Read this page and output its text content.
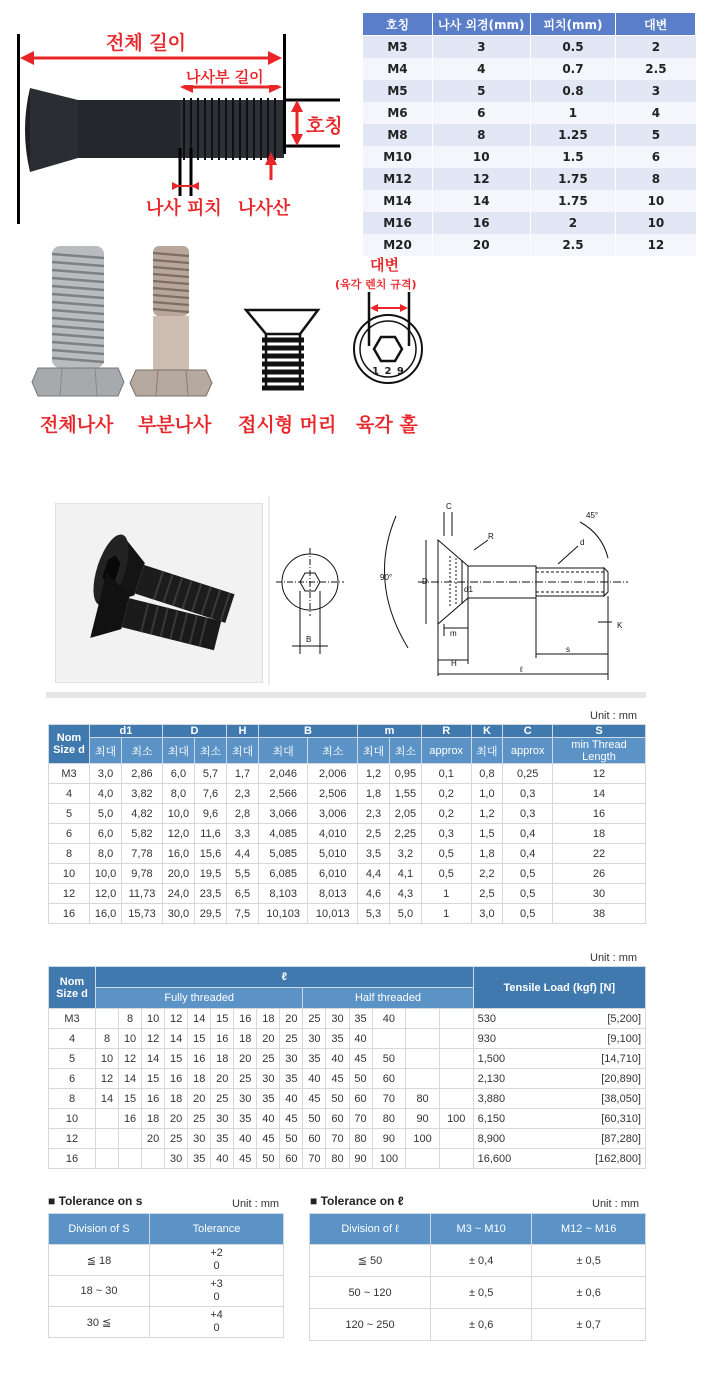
전체 길이
나사부 길이
호칭
나사 피치 나사산
호칭	나사 외경(mm)	피치(mm)	대변
M3	3	0.5	2
M4	4	0.7	2.5
M5	5	0.8	3
M6	6	1	4
M8	8	1.25	5
M10	10	1.5	6
M12	12	1.75	8
M14	14	1.75	10
M16	16	2	10
M20	20	2.5	12
1 2 9
대변
(육각 렌치 규격)
전체나사 부분나사 접시형 머리 육각 홀
B
C
R
d
45°
D
d1
m
H
K
s
ℓ
90°
Unit : mm
Nom Size d	d1		D		H	B		m		R	K	C	S
	최대	최소	최대	최소	최대	최대	최소	최대	최소	approx	최대	approx	min Thread Length
M3	3,0	2,86	6,0	5,7	1,7	2,046	2,006	1,2	0,95	0,1	0,8	0,25	12
4	4,0	3,82	8,0	7,6	2,3	2,566	2,506	1,8	1,55	0,2	1,0	0,3	14
5	5,0	4,82	10,0	9,6	2,8	3,066	3,006	2,3	2,05	0,2	1,2	0,3	16
6	6,0	5,82	12,0	11,6	3,3	4,085	4,010	2,5	2,25	0,3	1,5	0,4	18
8	8,0	7,78	16,0	15,6	4,4	5,085	5,010	3,5	3,2	0,5	1,8	0,4	22
10	10,0	9,78	20,0	19,5	5,5	6,085	6,010	4,4	4,1	0,5	2,2	0,5	26
12	12,0	11,73	24,0	23,5	6,5	8,103	8,013	4,6	4,3	1	2,5	0,5	30
16	16,0	15,73	30,0	29,5	7,5	10,103	10,013	5,3	5,0	1	3,0	0,5	38
Unit : mm
Nom Size d	ℓ															Tensile Load (kgf) [N]	
	Fully threaded									Half threaded							
M3		8	10	12	14	15	16	18	20	25	30	35	40			530	[5,200]
4	8	10	12	14	15	16	18	20	25	30	35	40				930	[9,100]
5	10	12	14	15	16	18	20	25	30	35	40	45	50			1,500	[14,710]
6	12	14	15	16	18	20	25	30	35	40	45	50	60			2,130	[20,890]
8	14	15	16	18	20	25	30	35	40	45	50	60	70	80		3,880	[38,050]
10		16	18	20	25	30	35	40	45	50	60	70	80	90	100	6,150	[60,310]
12			20	25	30	35	40	45	50	60	70	80	90	100		8,900	[87,280]
16				30	35	40	45	50	60	70	80	90	100			16,600	[162,800]
■ Tolerance on s	Unit : mm
Division of S	Tolerance
≦ 18	+2
0

18 ~ 30	+3
0

30 ≦	+4
0
■ Tolerance on ℓ	Unit : mm
Division of ℓ	M3 ~ M10	M12 ~ M16
≦ 50	± 0,4	± 0,5
50 ~ 120	± 0,5	± 0,6
120 ~ 250	± 0,6	± 0,7
